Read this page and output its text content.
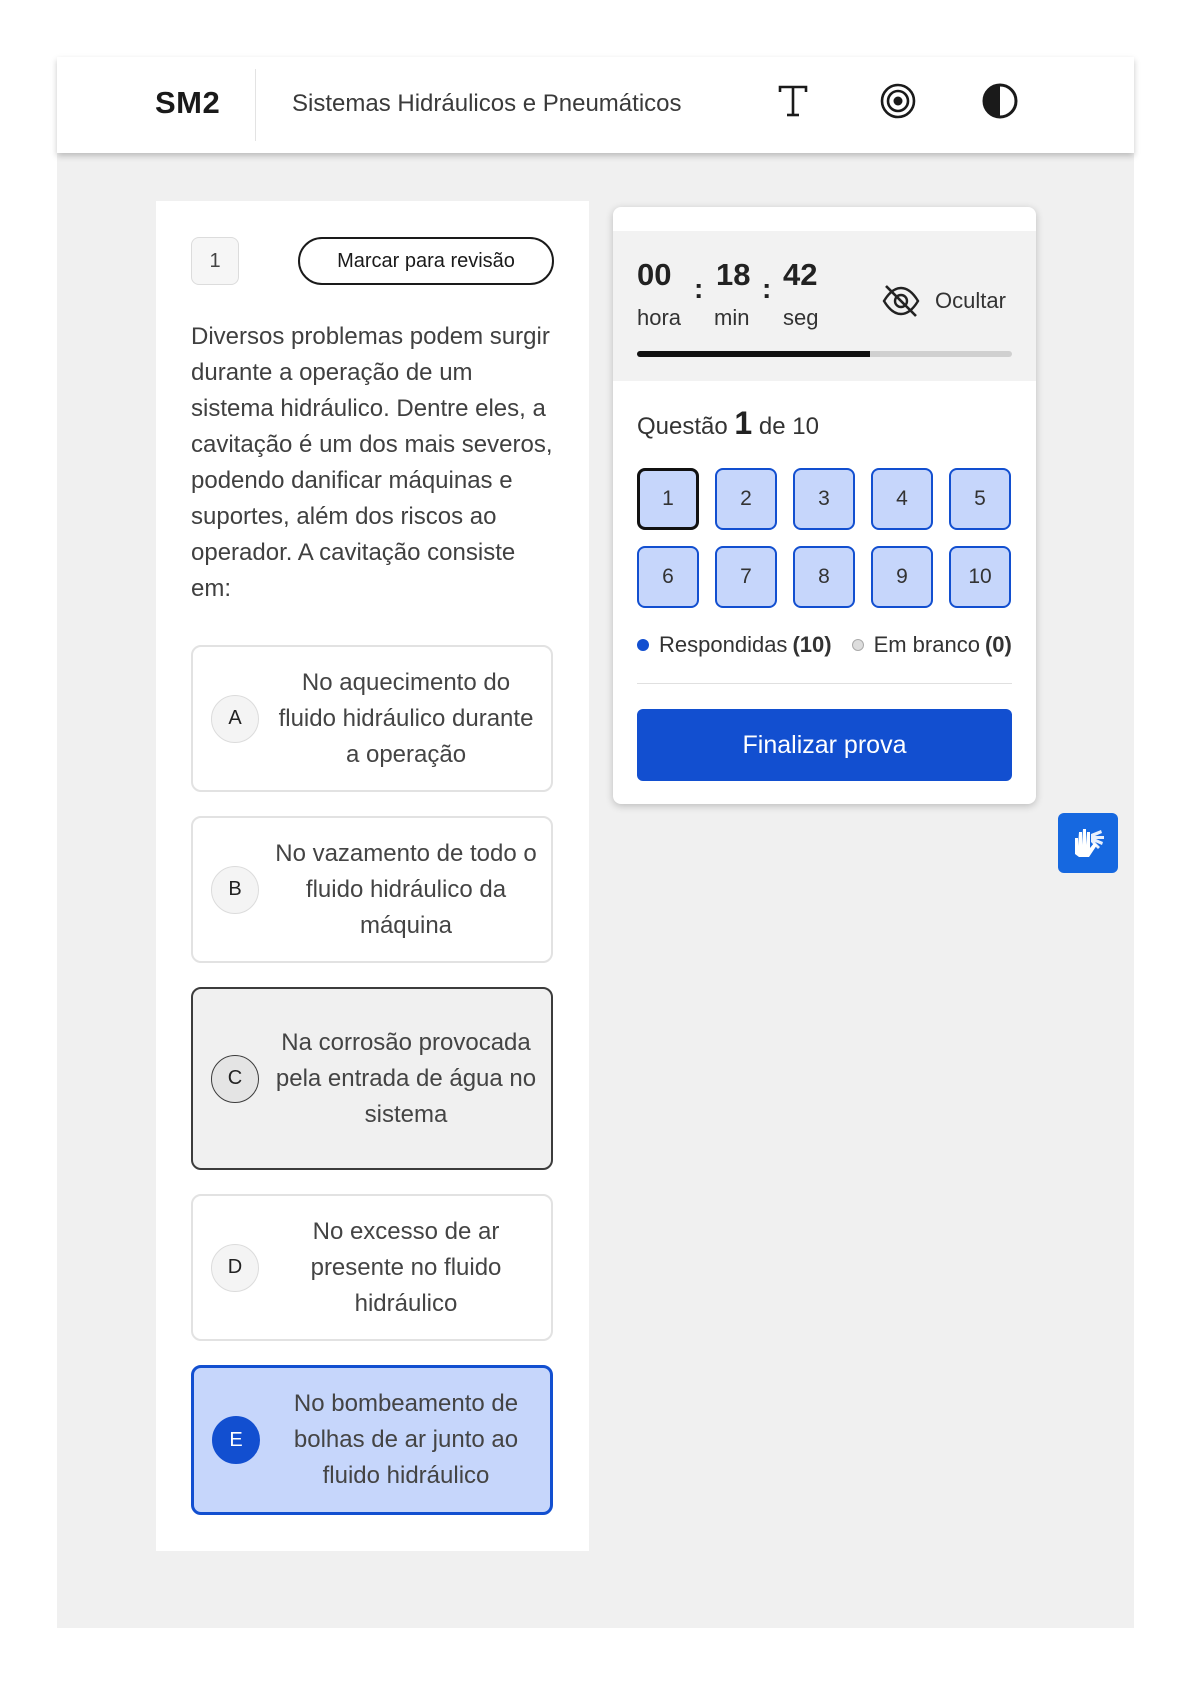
SM2	Sistemas Hidráulicos e Pneumáticos
1	Marcar para revisão

Diversos problemas podem surgir durante a operação de um sistema hidráulico. Dentre eles, a cavitação é um dos mais severos, podendo danificar máquinas e suportes, além dos riscos ao operador. A cavitação consiste em:

A
No aquecimento do fluido hidráulico durante a operação
B
No vazamento de todo o fluido hidráulico da máquina
C
Na corrosão provocada pela entrada de água no sistema
D
No excesso de ar presente no fluido hidráulico
E
No bombeamento de bolhas de ar junto ao fluido hidráulico
00
hora
: 18
min
: 42
seg
Ocultar
Questão 1 de 10
1	2	3	4	5
6	7	8	9	10
Respondidas (10) Em branco (0)
Finalizar prova
